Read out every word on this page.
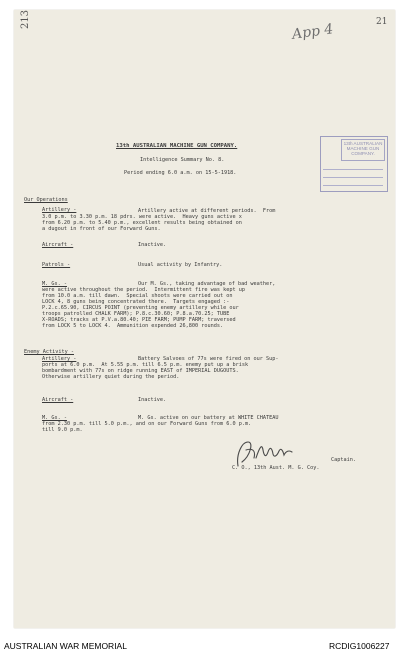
213	21
App 4
13th AUSTRALIAN MACHINE GUN COMPANY.
Intelligence Summary No. 8.
Period ending 6.0 a.m. on 15-5-1918.
13th AUSTRALIAN
MACHINE GUN
COMPANY.
Our Operations
Artillery -	Artillery active at different periods.  From
3.0 p.m. to 3.30 p.m. 18 pdrs. were active.  Heavy guns active x
from 6.20 p.m. to 5.40 p.m., excellent results being obtained on
a dugout in front of our Forward Guns.
Aircraft -	Inactive.
Patrols -	Usual activity by Infantry.
M. Gs. -	Our M. Gs., taking advantage of bad weather,
were active throughout the period.  Intermittent fire was kept up
from 10.0 a.m. till dawn.  Special shoots were carried out on
LOCK 4, 8 guns being concentrated there.  Targets engaged :-
P.2.c.65.90, CIRCUS POINT (preventing enemy artillery while our
troops patrolled CHALK FARM); P.8.c.30.60; P.8.a.70.25; TUBE
X-ROADS; tracks at P.V.a.80.40; PIE FARM; PUMP FARM; traversed
from LOCK 5 to LOCK 4.  Ammunition expended 26,800 rounds.
Enemy Activity -
Artillery -	Battery Salvoes of 77s were fired on our Sup-
ports at 6.0 p.m.  At 5.55 p.m. till 6.5 p.m. enemy put up a brisk
bombardment with 77s on ridge running EAST of IMPERIAL DUGOUTS.
Otherwise artillery quiet during the period.
Aircraft -	Inactive.
M. Gs. -	M. Gs. active on our battery at WHITE CHATEAU
from 2.30 p.m. till 5.0 p.m., and on our Forward Guns from 6.0 p.m.
till 9.0 p.m.
Captain.
C. O., 13th Aust. M. G. Coy.
AUSTRALIAN WAR MEMORIAL	RCDIG1006227
